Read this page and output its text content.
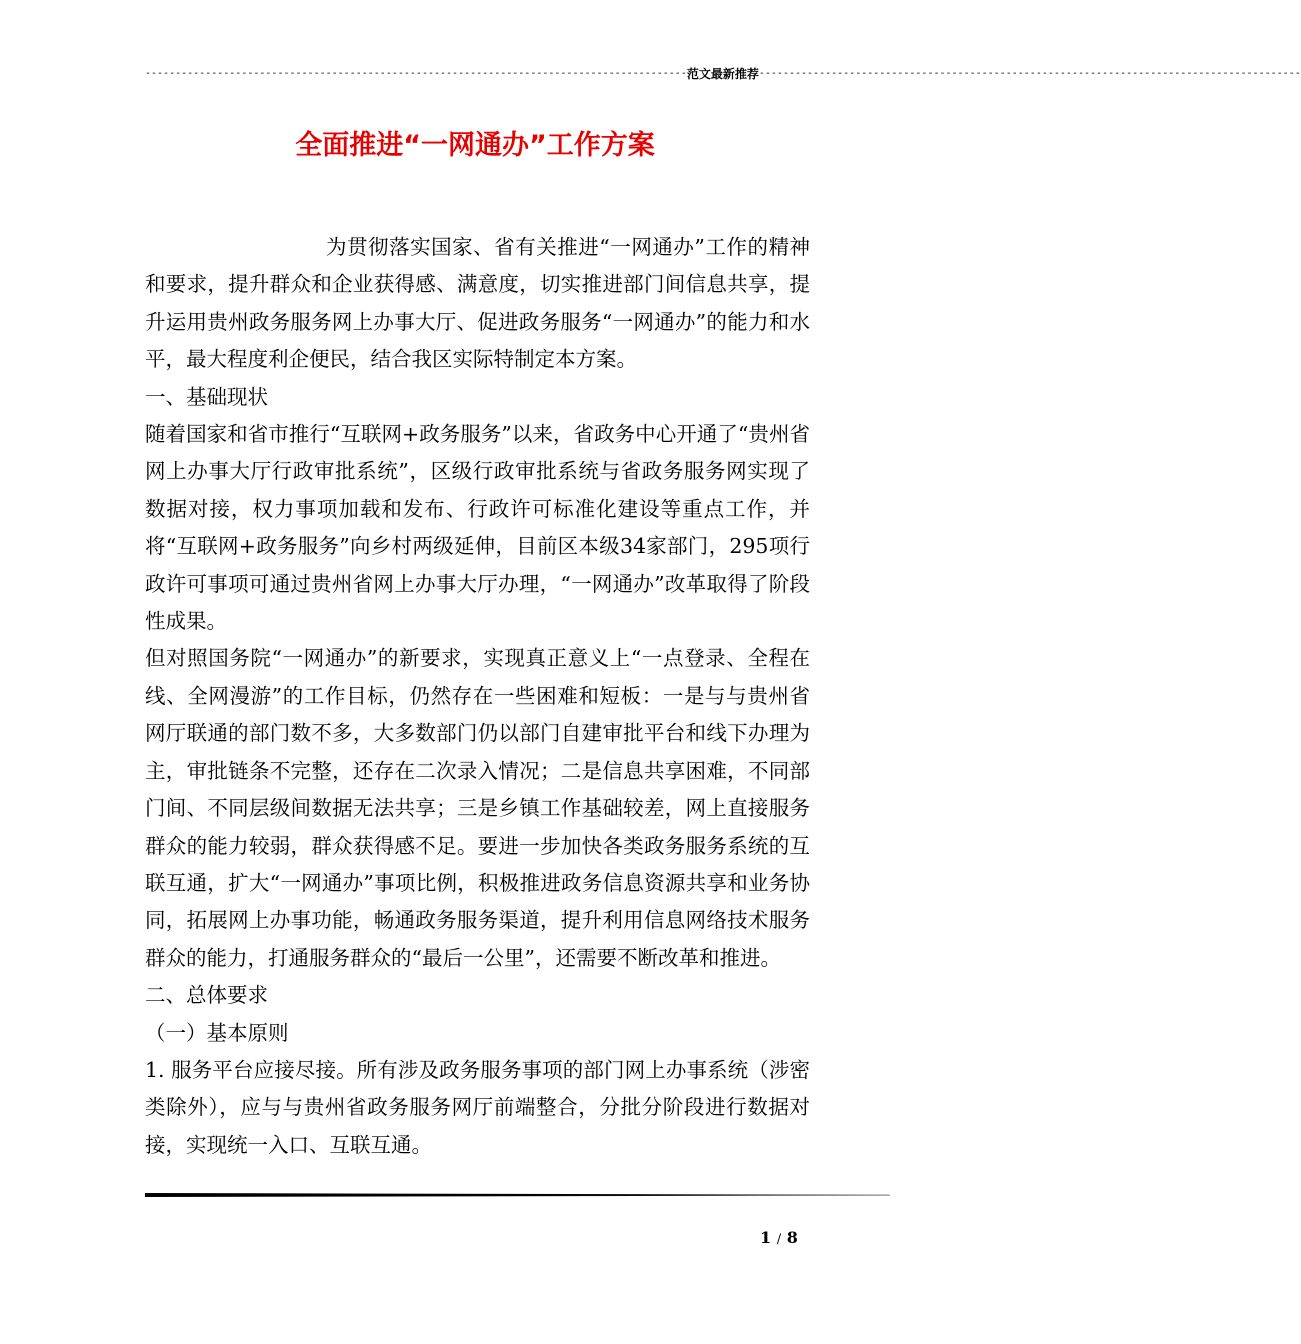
------------------------------------------------------------------------------------------ 范文最新推荐 ------------------------------------------------------------------------------------------
全面推进“一网通办”工作方案

为贯彻落实国家、省有关推进“一网通办”工作的精神和要求，提升群众和企业获得感、满意度，切实推进部门间信息共享，提升运用贵州政务服务网上办事大厅、促进政务服务“一网通办”的能力和水平，最大程度利企便民，结合我区实际特制定本方案。

一、基础现状

随着国家和省市推行“互联网+政务服务”以来，省政务中心开通了“贵州省网上办事大厅行政审批系统”，区级行政审批系统与省政务服务网实现了数据对接，权力事项加载和发布、行政许可标准化建设等重点工作，并将“互联网+政务服务”向乡村两级延伸，目前区本级34家部门，295项行政许可事项可通过贵州省网上办事大厅办理，“一网通办”改革取得了阶段性成果。

但对照国务院“一网通办”的新要求，实现真正意义上“一点登录、全程在线、全网漫游”的工作目标，仍然存在一些困难和短板：一是与与贵州省网厅联通的部门数不多，大多数部门仍以部门自建审批平台和线下办理为主，审批链条不完整，还存在二次录入情况；二是信息共享困难，不同部门间、不同层级间数据无法共享；三是乡镇工作基础较差，网上直接服务群众的能力较弱，群众获得感不足。要进一步加快各类政务服务系统的互联互通，扩大“一网通办”事项比例，积极推进政务信息资源共享和业务协同，拓展网上办事功能，畅通政务服务渠道，提升利用信息网络技术服务群众的能力，打通服务群众的“最后一公里”，还需要不断改革和推进。

二、总体要求

（一）基本原则

1. 服务平台应接尽接。所有涉及政务服务事项的部门网上办事系统（涉密类除外），应与与贵州省政务服务网厅前端整合，分批分阶段进行数据对接，实现统一入口、互联互通。

1 / 8
